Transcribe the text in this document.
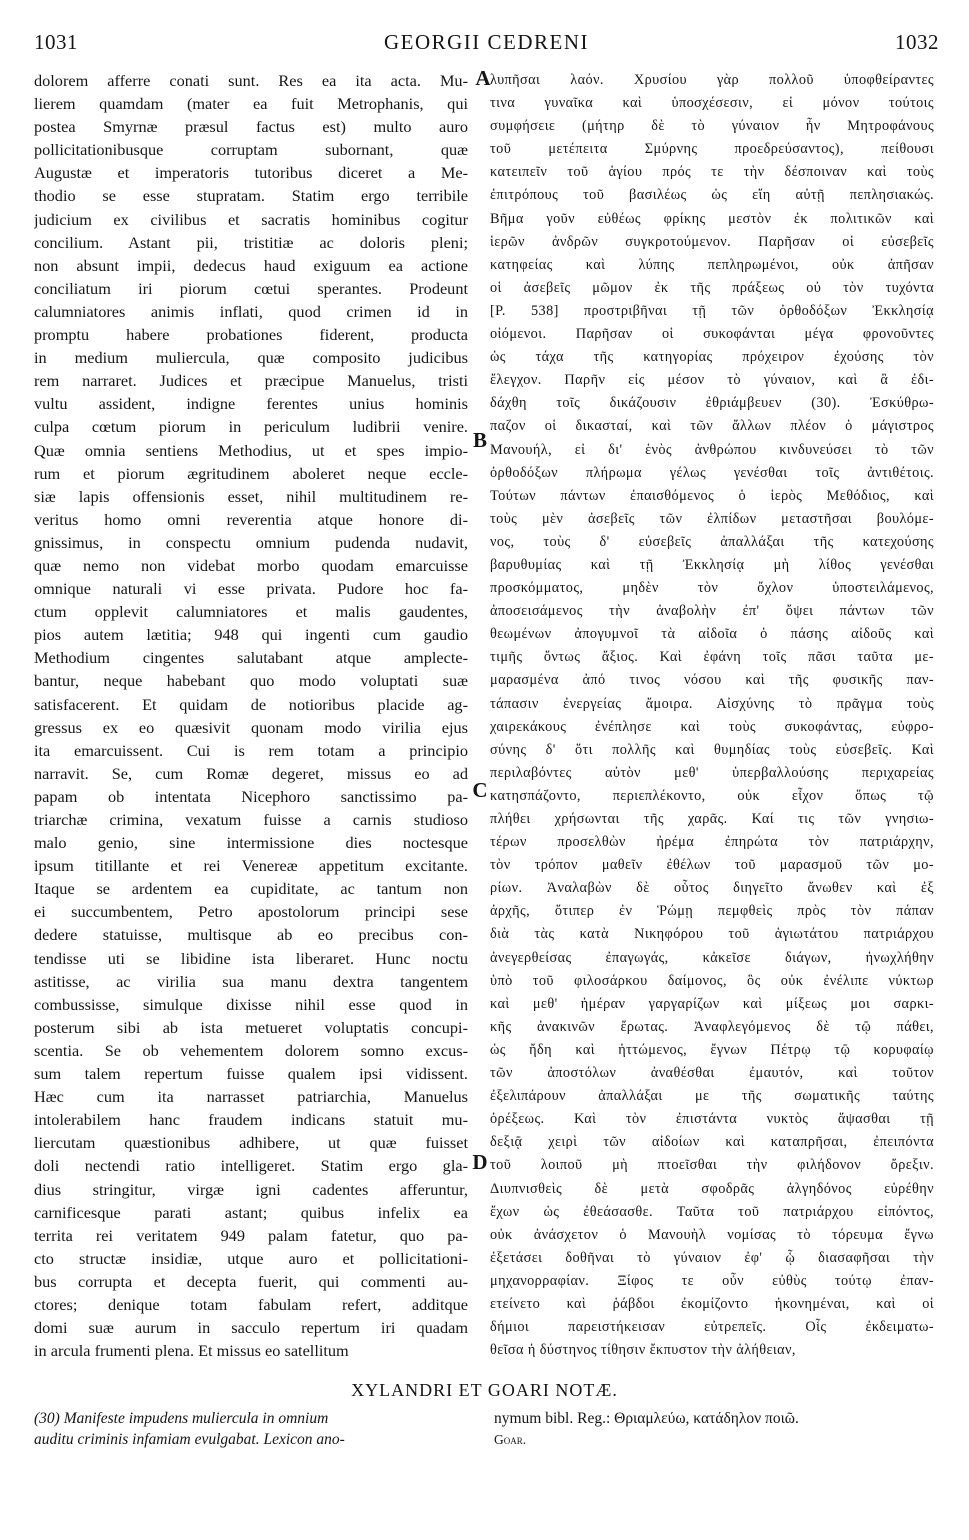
1031	GEORGII CEDRENI	1032
dolorem afferre conati sunt. Res ea ita acta. Mu-
lierem quamdam (mater ea fuit Metrophanis, qui
postea Smyrnæ præsul factus est) multo auro
pollicitationibusque corruptam subornant, quæ
Augustæ et imperatoris tutoribus diceret a Me-
thodio se esse stupratam. Statim ergo terribile
judicium ex civilibus et sacratis hominibus cogitur
concilium. Astant pii, tristitiæ ac doloris pleni;
non absunt impii, dedecus haud exiguum ea actione
conciliatum iri piorum cœtui sperantes. Prodeunt
calumniatores animis inflati, quod crimen id in
promptu habere probationes fiderent, producta
in medium muliercula, quæ composito judicibus
rem narraret. Judices et præcipue Manuelus, tristi
vultu assident, indigne ferentes unius hominis
culpa cœtum piorum in periculum ludibrii venire.
Quæ omnia sentiens Methodius, ut et spes impio-
rum et piorum ægritudinem aboleret neque eccle-
siæ lapis offensionis esset, nihil multitudinem re-
veritus homo omni reverentia atque honore di-
gnissimus, in conspectu omnium pudenda nudavit,
quæ nemo non videbat morbo quodam emarcuisse
omnique naturali vi esse privata. Pudore hoc fa-
ctum opplevit calumniatores et malis gaudentes,
pios autem lætitia; 948 qui ingenti cum gaudio
Methodium cingentes salutabant atque amplecte-
bantur, neque habebant quo modo voluptati suæ
satisfacerent. Et quidam de notioribus placide ag-
gressus ex eo quæsivit quonam modo virilia ejus
ita emarcuissent. Cui is rem totam a principio
narravit. Se, cum Romæ degeret, missus eo ad
papam ob intentata Nicephoro sanctissimo pa-
triarchæ crimina, vexatum fuisse a carnis studioso
malo genio, sine intermissione dies noctesque
ipsum titillante et rei Venereæ appetitum excitante.
Itaque se ardentem ea cupiditate, ac tantum non
ei succumbentem, Petro apostolorum principi sese
dedere statuisse, multisque ab eo precibus con-
tendisse uti se libidine ista liberaret. Hunc noctu
astitisse, ac virilia sua manu dextra tangentem
combussisse, simulque dixisse nihil esse quod in
posterum sibi ab ista metueret voluptatis concupi-
scentia. Se ob vehementem dolorem somno excus-
sum talem repertum fuisse qualem ipsi vidissent.
Hæc cum ita narrasset patriarchia, Manuelus
intolerabilem hanc fraudem indicans statuit mu-
liercutam quæstionibus adhibere, ut quæ fuisset
doli nectendi ratio intelligeret. Statim ergo gla-
dius stringitur, virgæ igni cadentes afferuntur,
carnificesque parati astant; quibus infelix ea
territa rei veritatem 949 palam fatetur, quo pa-
cto structæ insidiæ, utque auro et pollicitationi-
bus corrupta et decepta fuerit, qui commenti au-
ctores; denique totam fabulam refert, additque
domi suæ aurum in sacculo repertum iri quadam
in arcula frumenti plena. Et missus eo satellitum
λυπῆσαι λαόν. Χρυσίου γὰρ πολλοῦ ὑποφθείραντες
τινα γυναῖκα καὶ ὑποσχέσεσιν, εἰ μόνον τούτοις
συμφήσειε (μήτηρ δὲ τὸ γύναιον ἦν Μητροφάνους
τοῦ μετέπειτα Σμύρνης προεδρεύσαντος), πείθουσι
κατειπεῖν τοῦ ἁγίου πρός τε τὴν δέσποιναν καὶ τοὺς
ἐπιτρόπους τοῦ βασιλέως ὡς εἴη αὐτῇ πεπλησιακώς.
Βῆμα γοῦν εὐθέως φρίκης μεστὸν ἐκ πολιτικῶν καὶ
ἱερῶν ἀνδρῶν συγκροτούμενον. Παρῆσαν οἱ εὐσεβεῖς
κατηφείας καὶ λύπης πεπληρωμένοι, οὐκ ἀπῆσαν
οἱ ἀσεβεῖς μῶμον ἐκ τῆς πράξεως οὐ τὸν τυχόντα
[P. 538] προστριβῆναι τῇ τῶν ὀρθοδόξων Ἐκκλησίᾳ
οἰόμενοι. Παρῆσαν οἱ συκοφάνται μέγα φρονοῦντες
ὡς τάχα τῆς κατηγορίας πρόχειρον ἐχούσης τὸν
ἔλεγχον. Παρῆν εἰς μέσον τὸ γύναιον, καὶ ἃ ἐδι-
δάχθη τοῖς δικάζουσιν ἐθριάμβευεν (30). Ἐσκύθρω-
παζον οἱ δικασταί, καὶ τῶν ἄλλων πλέον ὁ μάγιστρος
Μανουήλ, εἰ δι' ἑνὸς ἀνθρώπου κινδυνεύσει τὸ τῶν
ὀρθοδόξων πλήρωμα γέλως γενέσθαι τοῖς ἀντιθέτοις.
Τούτων πάντων ἐπαισθόμενος ὁ ἱερὸς Μεθόδιος, καὶ
τοὺς μὲν ἀσεβεῖς τῶν ἐλπίδων μεταστῆσαι βουλόμε-
νος, τοὺς δ' εὐσεβεῖς ἀπαλλάξαι τῆς κατεχούσης
βαρυθυμίας καὶ τῇ Ἐκκλησίᾳ μὴ λίθος γενέσθαι
προσκόμματος, μηδὲν τὸν ὄχλον ὑποστειλάμενος,
ἀποσεισάμενος τὴν ἀναβολὴν ἐπ' ὄψει πάντων τῶν
θεωμένων ἀπογυμνοῖ τὰ αἰδοῖα ὁ πάσης αἰδοῦς καὶ
τιμῆς ὄντως ἄξιος. Καὶ ἐφάνη τοῖς πᾶσι ταῦτα με-
μαρασμένα ἀπό τινος νόσου καὶ τῆς φυσικῆς παν-
τάπασιν ἐνεργείας ἄμοιρα. Αἰσχύνης τὸ πρᾶγμα τοὺς
χαιρεκάκους ἐνέπλησε καὶ τοὺς συκοφάντας, εὐφρο-
σύνης δ' ὅτι πολλῆς καὶ θυμηδίας τοὺς εὐσεβεῖς. Καὶ
περιλαβόντες αὐτὸν μεθ' ὑπερβαλλούσης περιχαρείας
κατησπάζοντο, περιεπλέκοντο, οὐκ εἶχον ὅπως τῷ
πλήθει χρήσωνται τῆς χαρᾶς. Καί τις τῶν γνησιω-
τέρων προσελθὼν ἠρέμα ἐπηρώτα τὸν πατριάρχην,
τὸν τρόπον μαθεῖν ἐθέλων τοῦ μαρασμοῦ τῶν μο-
ρίων. Ἀναλαβὼν δὲ οὗτος διηγεῖτο ἄνωθεν καὶ ἐξ
ἀρχῆς, ὅτιπερ ἐν Ῥώμῃ πεμφθεὶς πρὸς τὸν πάπαν
διὰ τὰς κατὰ Νικηφόρου τοῦ ἁγιωτάτου πατριάρχου
ἀνεγερθείσας ἐπαγωγάς, κἀκεῖσε διάγων, ἠνωχλήθην
ὑπὸ τοῦ φιλοσάρκου δαίμονος, ὃς οὐκ ἐνέλιπε νύκτωρ
καὶ μεθ' ἡμέραν γαργαρίζων καὶ μίξεως μοι σαρκι-
κῆς ἀνακινῶν ἔρωτας. Ἀναφλεγόμενος δὲ τῷ πάθει,
ὡς ἤδη καὶ ἡττώμενος, ἔγνων Πέτρῳ τῷ κορυφαίῳ
τῶν ἀποστόλων ἀναθέσθαι ἐμαυτόν, καὶ τοῦτον
ἐξελιπάρουν ἀπαλλάξαι με τῆς σωματικῆς ταύτης
ὀρέξεως. Καὶ τὸν ἐπιστάντα νυκτὸς ἅψασθαι τῇ
δεξιᾷ χειρὶ τῶν αἰδοίων καὶ καταπρῆσαι, ἐπειπόντα
τοῦ λοιποῦ μὴ πτοεῖσθαι τὴν φιλήδονον ὄρεξιν.
Διυπνισθεὶς δὲ μετὰ σφοδρᾶς ἀλγηδόνος εὑρέθην
ἔχων ὡς ἐθεάσασθε. Ταῦτα τοῦ πατριάρχου εἰπόντος,
οὐκ ἀνάσχετον ὁ Μανουὴλ νομίσας τὸ τόρευμα ἔγνω
ἐξετάσει δοθῆναι τὸ γύναιον ἐφ' ᾧ διασαφῆσαι τὴν
μηχανορραφίαν. Ξίφος τε οὖν εὐθὺς τούτῳ ἐπαν-
ετείνετο καὶ ῥάβδοι ἐκομίζοντο ἠκονημέναι, καὶ οἱ
δήμιοι παρειστήκεισαν εὐτρεπεῖς. Οἷς ἐκδειματω-
θεῖσα ἡ δύστηνος τίθησιν ἔκπυστον τὴν ἀλήθειαν,
A
B
C
D
XYLANDRI ET GOARI NOTÆ.
(30) Manifeste impudens muliercula in omnium
auditu criminis infamiam evulgabat. Lexicon ano-
nymum bibl. Reg.: Θριαμλεύω, κατάδηλον ποιῶ.
Goar.
